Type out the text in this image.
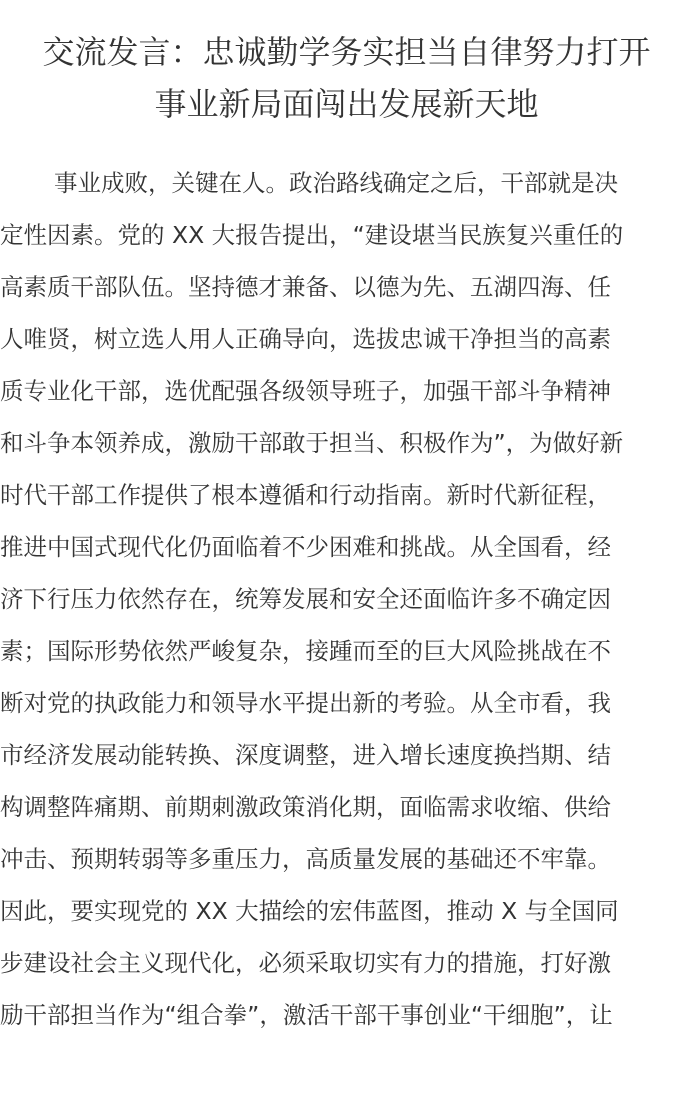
交流发言：忠诚勤学务实担当自律努力打开
事业新局面闯出发展新天地
事业成败，关键在人。政治路线确定之后，干部就是决
定性因素。党的 XX 大报告提出，“建设堪当民族复兴重任的
高素质干部队伍。坚持德才兼备、以德为先、五湖四海、任
人唯贤，树立选人用人正确导向，选拔忠诚干净担当的高素
质专业化干部，选优配强各级领导班子，加强干部斗争精神
和斗争本领养成，激励干部敢于担当、积极作为”，为做好新
时代干部工作提供了根本遵循和行动指南。新时代新征程，
推进中国式现代化仍面临着不少困难和挑战。从全国看，经
济下行压力依然存在，统筹发展和安全还面临许多不确定因
素；国际形势依然严峻复杂，接踵而至的巨大风险挑战在不
断对党的执政能力和领导水平提出新的考验。从全市看，我
市经济发展动能转换、深度调整，进入增长速度换挡期、结
构调整阵痛期、前期刺激政策消化期，面临需求收缩、供给
冲击、预期转弱等多重压力，高质量发展的基础还不牢靠。
因此，要实现党的 XX 大描绘的宏伟蓝图，推动 X 与全国同
步建设社会主义现代化，必须采取切实有力的措施，打好激
励干部担当作为“组合拳”，激活干部干事创业“干细胞”，让
